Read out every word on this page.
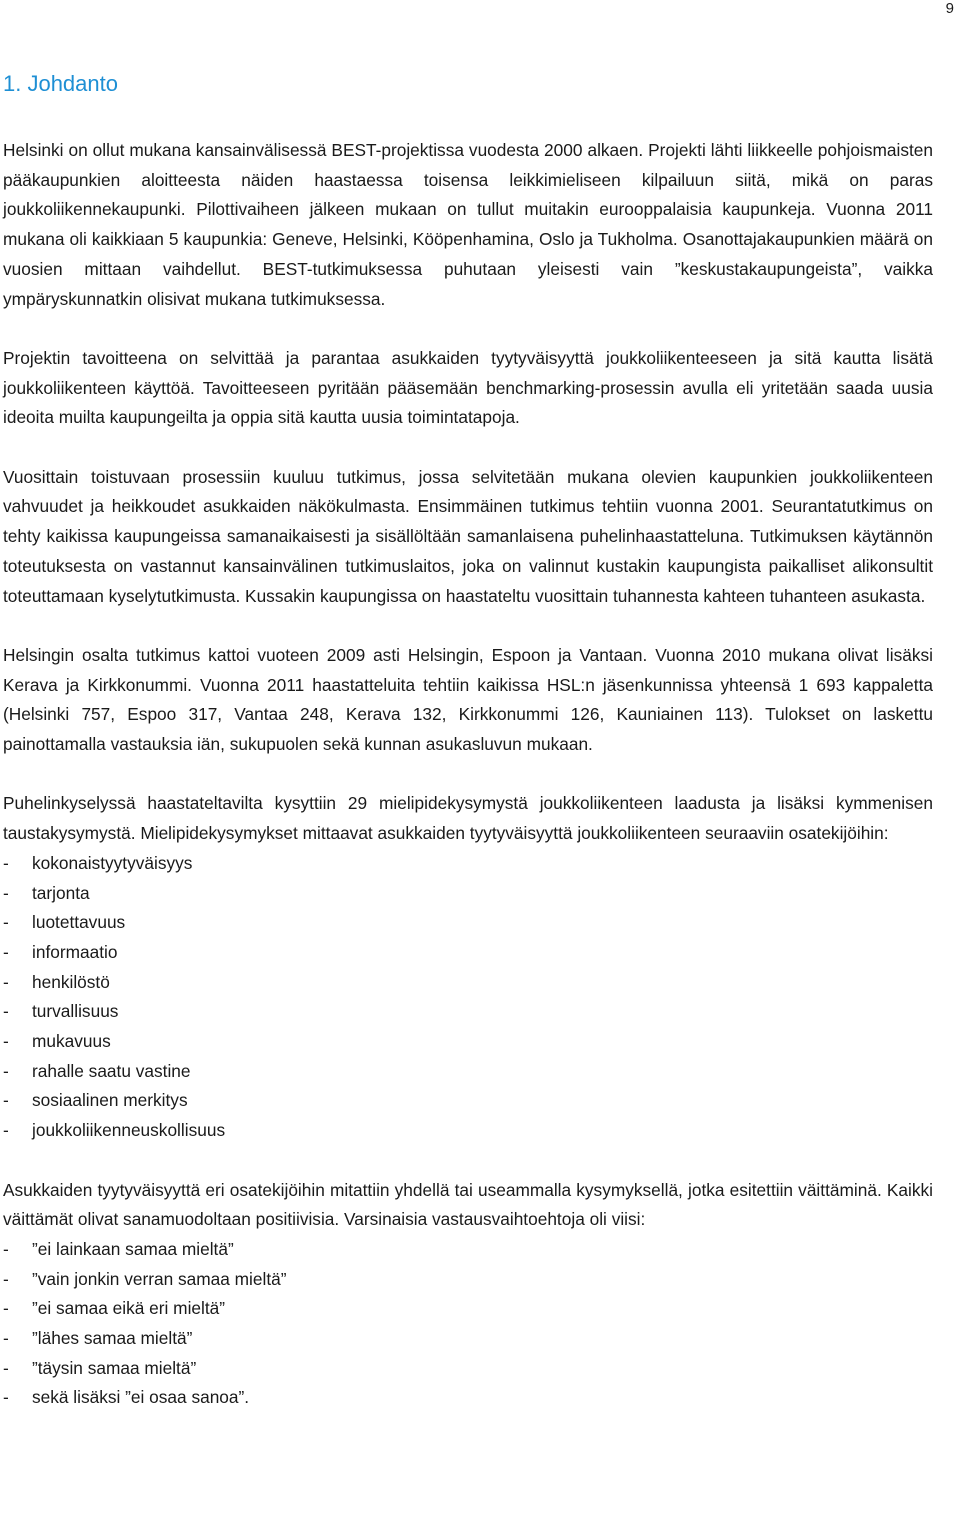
9
1. Johdanto

Helsinki on ollut mukana kansainvälisessä BEST-projektissa vuodesta 2000 alkaen. Projekti lähti liikkeelle pohjoismaisten pääkaupunkien aloitteesta näiden haastaessa toisensa leikkimieliseen kilpailuun siitä, mikä on paras joukkoliikennekaupunki. Pilottivaiheen jälkeen mukaan on tullut muitakin eurooppalaisia kaupunkeja. Vuonna 2011 mukana oli kaikkiaan 5 kaupunkia: Geneve, Helsinki, Kööpenhamina, Oslo ja Tukholma. Osanottajakaupunkien määrä on vuosien mittaan vaihdellut. BEST-tutkimuksessa puhutaan yleisesti vain ”keskustakaupungeista”, vaikka ympäryskunnatkin olisivat mukana tutkimuksessa.

Projektin tavoitteena on selvittää ja parantaa asukkaiden tyytyväisyyttä joukkoliikenteeseen ja sitä kautta lisätä joukkoliikenteen käyttöä. Tavoitteeseen pyritään pääsemään benchmarking-prosessin avulla eli yritetään saada uusia ideoita muilta kaupungeilta ja oppia sitä kautta uusia toimintatapoja.

Vuosittain toistuvaan prosessiin kuuluu tutkimus, jossa selvitetään mukana olevien kaupunkien joukkoliikenteen vahvuudet ja heikkoudet asukkaiden näkökulmasta. Ensimmäinen tutkimus tehtiin vuonna 2001. Seurantatutkimus on tehty kaikissa kaupungeissa samanaikaisesti ja sisällöltään samanlaisena puhelinhaastatteluna. Tutkimuksen käytännön toteutuksesta on vastannut kansainvälinen tutkimuslaitos, joka on valinnut kustakin kaupungista paikalliset alikonsultit toteuttamaan kyselytutkimusta. Kussakin kaupungissa on haastateltu vuosittain tuhannesta kahteen tuhanteen asukasta.

Helsingin osalta tutkimus kattoi vuoteen 2009 asti Helsingin, Espoon ja Vantaan. Vuonna 2010 mukana olivat lisäksi Kerava ja Kirkkonummi. Vuonna 2011 haastatteluita tehtiin kaikissa HSL:n jäsenkunnissa yhteensä 1 693 kappaletta (Helsinki 757, Espoo 317, Vantaa 248, Kerava 132, Kirkkonummi 126, Kauniainen 113). Tulokset on laskettu painottamalla vastauksia iän, sukupuolen sekä kunnan asukasluvun mukaan.

Puhelinkyselyssä haastateltavilta kysyttiin 29 mielipidekysymystä joukkoliikenteen laadusta ja lisäksi kymmenisen taustakysymystä. Mielipidekysymykset mittaavat asukkaiden tyytyväisyyttä joukkoliikenteen seuraaviin osatekijöihin:

- kokonaistyytyväisyys
- tarjonta
- luotettavuus
- informaatio
- henkilöstö
- turvallisuus
- mukavuus
- rahalle saatu vastine
- sosiaalinen merkitys
- joukkoliikenneuskollisuus

Asukkaiden tyytyväisyyttä eri osatekijöihin mitattiin yhdellä tai useammalla kysymyksellä, jotka esitettiin väittäminä. Kaikki väittämät olivat sanamuodoltaan positiivisia. Varsinaisia vastausvaihtoehtoja oli viisi:

- ”ei lainkaan samaa mieltä”
- ”vain jonkin verran samaa mieltä”
- ”ei samaa eikä eri mieltä”
- ”lähes samaa mieltä”
- ”täysin samaa mieltä”
- sekä lisäksi ”ei osaa sanoa”.
